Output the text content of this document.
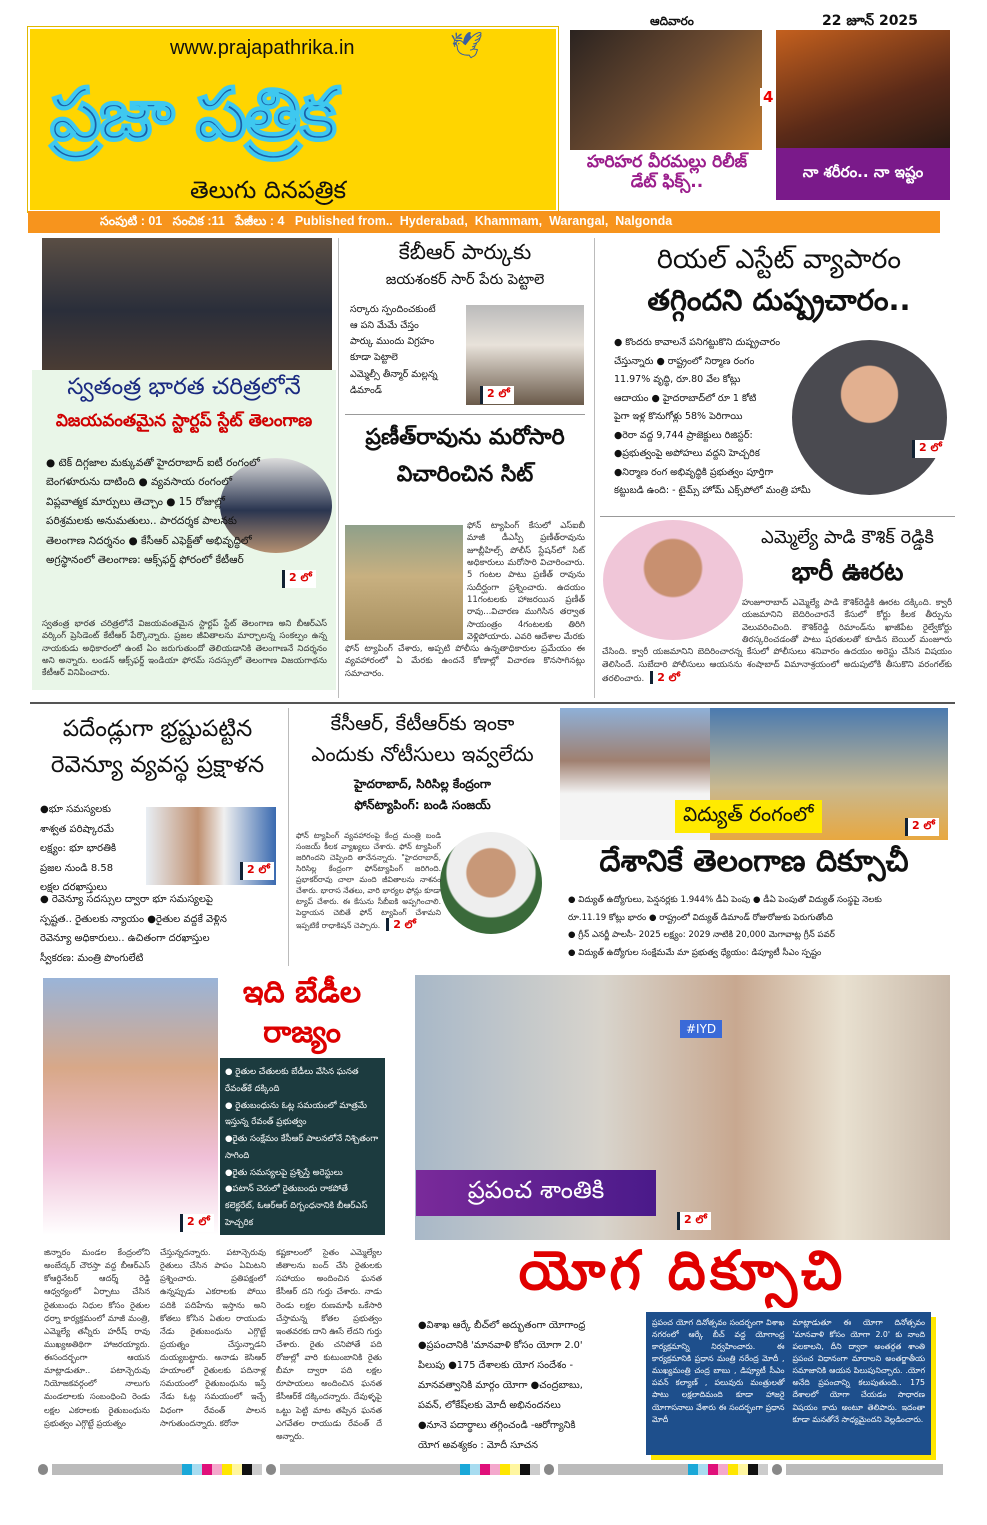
www.prajapathrika.in	🕊
ప్రజా పత్రిక
తెలుగు దినపత్రిక
ఆదివారం	22 జూన్ 2025
హరిహర వీరమల్లు రిలీజ్ డేట్ ఫిక్స్..
4
నా శరీరం.. నా ఇష్టం
సంపుటి : 01   సంచిక :11   పేజీలు : 4   Published from..  Hyderabad,  Khammam,  Warangal,  Nalgonda
స్వతంత్ర భారత చరిత్రలోనే
విజయవంతమైన స్టార్టప్ స్టేట్ తెలంగాణ
● టెక్ దిగ్గజాల మక్కువతో హైదరాబాద్ ఐటీ రంగంలో బెంగళూరును దాటింది ● వ్యవసాయ రంగంలో విప్లవాత్మక మార్పులు తెచ్చాం ● 15 రోజుల్లో పరిశ్రమలకు అనుమతులు.. పారదర్శక పాలనకు తెలంగాణ నిదర్శనం ● కేసీఆర్ ఎఫెక్ట్‌తో అభివృద్ధిలో అగ్రస్థానంలో తెలంగాణ: ఆక్స్‌ఫర్డ్ ఫోరంలో కేటీఆర్
2 లో
స్వతంత్ర భారత చరిత్రలోనే విజయవంతమైన స్టార్టప్ స్టేట్ తెలంగాణ అని బీఆర్ఎస్ వర్కింగ్ ప్రెసిడెంట్ కేటీఆర్ పేర్కొన్నారు. ప్రజల జీవితాలను మార్చాలన్న సంకల్పం ఉన్న నాయకుడు అధికారంలో ఉంటే ఏం జరుగుతుందో తెలియడానికి తెలంగాణనే నిదర్శనం అని అన్నారు. లండన్ ఆక్స్‌ఫర్డ్ ఇండియా ఫోరమ్ సదస్సులో తెలంగాణ విజయగాథను కేటీఆర్ వినిపించారు.
కేబీఆర్ పార్కుకు
జయశంకర్ సార్ పేరు పెట్టాలె
సర్కారు స్పందించకుంటే
ఆ పని మేమే చేస్తం
పార్కు ముందు విగ్రహం
కూడా పెట్టాలె
ఎమ్మెల్సీ తీన్మార్ మల్లన్న
డిమాండ్	2 లో
ప్రణీత్‌రావును మరోసారి
విచారించిన సిట్
ఫోన్ ట్యాపింగ్ కేసులో ఎస్ఐబీ మాజీ డీఎస్పీ ప్రణీత్‌రావును జూబ్లీహిల్స్ పోలీస్ స్టేషన్‌లో సిట్ అధికారులు మరోసారి విచారించారు. 5 గంటల పాటు ప్రణీత్ రావును సుదీర్ఘంగా ప్రశ్నించారు. ఉదయం 11గంటలకు హాజరయిన ప్రణీత్ రావు...విచారణ ముగిసిన తర్వాత సాయంత్రం 4గంటలకు తిరిగి వెళ్లిపోయారు. ఎవరి ఆదేశాల మేరకు ఫోన్ ట్యాపింగ్ చేశారు, అప్పటి పోలీసు ఉన్నతాధికారుల ప్రమేయం ఈ వ్యవహారంలో ఏ మేరకు ఉందనే కోణాల్లో విచారణ కొనసాగినట్లు సమాచారం.
రియల్ ఎస్టేట్ వ్యాపారం
తగ్గిందని దుష్ప్రచారం..
● కొందరు కావాలనే పనిగట్టుకొని దుష్ప్రచారం
చేస్తున్నారు ● రాష్ట్రంలో నిర్మాణ రంగం
11.97% వృద్ధి, రూ.80 వేల కోట్లు
ఆదాయం ● హైదరాబాద్‌లో రూ 1 కోటి
పైగా ఇళ్ల కొనుగోళ్లు 58% పెరిగాయి
●రెరా వద్ద 9,744 ప్రాజెక్టులు రిజిస్టర్:
●ప్రభుత్వంపై అపోహలు వద్దని హెచ్చరిక
●నిర్మాణ రంగ అభివృద్ధికి ప్రభుత్వం పూర్తిగా
కట్టుబడి ఉంది: - టైమ్స్ హోమ్ ఎక్స్‌పోలో మంత్రి హామీ
2 లో
ఎమ్మెల్యే పాడి కౌశిక్ రెడ్డికి
భారీ ఊరట
హుజూరాబాద్ ఎమ్మెల్యే పాడి కౌశిక్‌రెడ్డికి ఊరట దక్కింది. క్వారీ యజమానిని బెదిరించారనే కేసులో కోర్టు కీలక తీర్పును వెలువరించింది. కౌశిక్‌రెడ్డి రిమాండ్‌ను ఖాజీపేట రైల్వేకోర్టు తిరస్కరించడంతో పాటు షరతులతో కూడిన బెయిల్ మంజూరు చేసింది. క్వారీ యజమానిని బెదిరించారన్న కేసులో పోలీసులు శనివారం ఉదయం అరెస్టు చేసిన విషయం తెలిసిందే. సుబేదారి పోలీసులు ఆయనను శంషాబాద్ విమానాశ్రయంలో అదుపులోకి తీసుకొని వరంగల్‌కు తరలించారు. 2 లో
పదేండ్లుగా భ్రష్టుపట్టిన
రెవెన్యూ వ్యవస్థ ప్రక్షాళన
●భూ సమస్యలకు
శాశ్వత పరిష్కారమే
లక్ష్యం: భూ భారతికి
ప్రజల నుండి 8.58
లక్షల దరఖాస్తులు
2 లో
● రెవెన్యూ సదస్సుల ద్వారా భూ సమస్యలపై
స్పష్టత.. రైతులకు న్యాయం ●రైతుల వద్దకే వెళ్లిన
రెవెన్యూ అధికారులు.. ఉచితంగా దరఖాస్తుల
స్వీకరణ: మంత్రి పొంగులేటి
కేసీఆర్, కేటీఆర్‌కు ఇంకా
ఎందుకు నోటీసులు ఇవ్వలేదు
హైదరాబాద్, సిరిసిల్ల కేంద్రంగా
ఫోన్‌ట్యాపింగ్: బండి సంజయ్
ఫోన్ ట్యాపింగ్ వ్యవహారంపై కేంద్ర మంత్రి బండి సంజయ్ కీలక వ్యాఖ్యలు చేశారు. ఫోన్ ట్యాపింగ్ జరిగిందని చెప్పింది తానేనన్నారు. "హైదరాబాద్, సిరిసిల్ల కేంద్రంగా ఫోన్‌ట్యాపింగ్ జరిగింది. ప్రభాకర్‌రావు చాలా మంది జీవితాలను నాశనం చేశారు. భారాస నేతలు, వారి భార్యల ఫోన్లు కూడా ట్యాప్ చేశారు. ఈ కేసును సీబీఐకి అప్పగించాలి. పెద్దాయన చెబితే ఫోన్ ట్యాపింగ్ చేశామని ఇప్పటికే రాధాకిషన్ చెప్పారు. 2 లో
విద్యుత్ రంగంలో	2 లో
దేశానికే తెలంగాణ దిక్సూచీ
● విద్యుత్ ఉద్యోగులు, పెన్షనర్లకు 1.944% డీఏ పెంపు ● డీఏ పెంపుతో విద్యుత్ సంస్థపై నెలకు
రూ.11.19 కోట్లు భారం ● రాష్ట్రంలో విద్యుత్ డిమాండ్ రోజురోజుకు పెరుగుతోంది
● గ్రీన్ ఎనర్జీ పాలసీ- 2025 లక్ష్యం: 2029 నాటికి 20,000 మెగావాట్ల గ్రీన్ పవర్
● విద్యుత్ ఉద్యోగుల సంక్షేమమే మా ప్రభుత్వ ధ్యేయం: డిప్యూటీ సీఎం స్పష్టం
2 లో
ఇది బేడీల
రాజ్యం
● రైతుల చేతులకు బేడీలు వేసిన ఘనత రేవంత్‌కే దక్కింది
● రైతుబంధును ఓట్ల సమయంలో మాత్రమే ఇస్తున్న రేవంత్ ప్రభుత్వం
●రైతు సంక్షేమం కేసీఆర్ పాలనలోనే నిశ్చితంగా సాగింది
●రైతు సమస్యలపై ప్రశ్నిస్తే అరెస్టులు
●పటాన్ చెరులో రైతుబంధు రాకపోతే కలెక్టరేట్, ఓఆర్ఆర్ దిగ్బంధనానికి బీఆర్ఎస్ హెచ్చరిక
#IYD
ప్రపంచ శాంతికి
2 లో
జిన్నారం మండల కేంద్రంలోని అంబేద్కర్ చౌరస్తా వద్ద బీఆర్ఎస్ కోఆర్డినేటర్ ఆదర్శ్ రెడ్డి ఆధ్వర్యంలో ఏర్పాటు చేసిన రైతుబంధు నిధుల కోసం రైతుల ధర్నా కార్యక్రమంలో మాజీ మంత్రి, ఎమ్మెల్యే తన్నీరు హరీష్ రావు ముఖ్యఅతిథిగా హాజరయ్యారు. ఈసందర్భంగా ఆయన మాట్లాడుతూ.. పటాన్చెరువు నియోజకవర్గంలో నాలుగు మండలాలకు సంబంధించి రెండు లక్షల ఎకరాలకు రైతుబంధును ప్రభుత్వం ఎగ్గొట్టే ప్రయత్నం
చేస్తున్నదన్నారు. పటాన్చెరువు రైతులు చేసిన పాపం ఏమిటని ప్రశ్నించారు. ప్రతిపక్షంలో ఉన్నప్పుడు ఎకరాలకు పోయి పదికి పదిహేను ఇస్తాను అని కోతలు కోసిన ఏతుల రాయుడు నేడు రైతుబంధును ఎగ్గొట్టే ప్రయత్నం చేస్తున్నాడని దుయ్యబట్టారు. ఆనాడు కెసిఆర్ హయాంలో రైతులకు పదినాళ్ల సమయంలో రైతుబంధును ఇస్తే నేడు ఓట్ల సమయంలో ఇచ్చే విధంగా రేవంత్ పాలన సాగుతుందన్నారు. కరోనా
కష్టకాలంలో సైతం ఎమ్మెల్యేల జీతాలను బంద్ చేసి రైతులకు సహాయం అందించిన ఘనత కేసీఆర్ దని గుర్తు చేశారు. నాడు రెండు లక్షల రుణమాఫీ ఒకేసారి చేస్తామన్న కోతల ప్రభుత్వం ఇంతవరకు దాని ఊసే లేదని గుర్తు చేశారు. రైతు చనిపోతే పది రోజుల్లో వారి కుటుంబానికి రైతు బీమా ద్వారా పది లక్షల రూపాయలు అందించిన ఘనత కేసీఆర్‌కే దక్కిందన్నారు. దేవుళ్ళపై ఒట్టు పెట్టి మాట తప్పిన ఘనత ఎగవేతల రాయుడు రేవంత్ దే అన్నారు.
యోగ దిక్సూచి
●విశాఖ ఆర్కే బీచ్‌లో అద్భుతంగా యోగాంధ్ర
●ప్రపంచానికి 'మానవాళి కోసం యోగా 2.0'
పిలుపు ●175 దేశాలకు యోగ సందేశం -
మానవత్వానికి మార్గం యోగా ●చంద్రబాబు,
పవన్, లోకేష్‌లకు మోదీ అభినందనలు
●నూనె పదార్థాలు తగ్గించండి -ఆరోగ్యానికి
యోగ అవశ్యకం : మోదీ సూచన
ప్రపంచ యోగ దినోత్సవం సందర్భంగా విశాఖ నగరంలో ఆర్కే బీచ్ వద్ద యోగాంధ్ర కార్యక్రమాన్ని నిర్వహించారు. ఈ కార్యక్రమానికి ప్రధాన మంత్రి నరేంద్ర మోదీ , ముఖ్యమంత్రి చంద్ర బాబు , డిప్యూటీ సీఎం పవన్ కల్యాణ్ , పలువురు మంత్రులతో పాటు లక్షలాదిమంది కూడా హాజరై యోగాసనాలు వేశారు ఈ సందర్భంగా ప్రధాన మోదీ
మాట్లాడుతూ ఈ యోగా దినోత్సవం 'మానవాళి కోసం యోగా 2.0' కు నాంది పలకాలని, దీని ద్వారా అంతర్గత శాంతి ప్రపంచ విధానంగా మారాలని అంతర్జాతీయ సమాజానికి ఆయన పిలుపునిచ్చారు. .యోగ అనేది ప్రపంచాన్ని కలుపుతుంది.. 175 దేశాలలో యోగా చేయడం సాధారణ విషయం కాదు అంటూ తెలిపారు. ఇదంతా కూడా మనతోనే సాధ్యమైందని వెల్లడించారు.
